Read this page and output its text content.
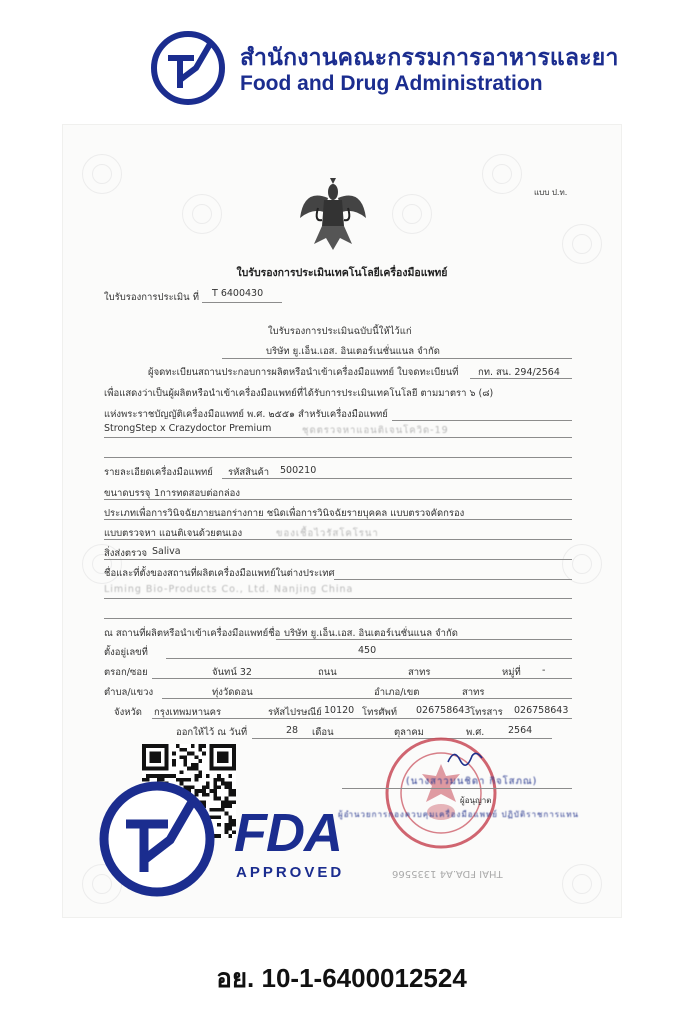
สำนักงานคณะกรรมการอาหารและยา
Food and Drug Administration
แบบ ป.ท.
ใบรับรองการประเมินเทคโนโลยีเครื่องมือแพทย์
ใบรับรองการประเมิน ที่ T 6400430
ใบรับรองการประเมินฉบับนี้ให้ไว้แก่
บริษัท ยู.เอ็น.เอส. อินเตอร์เนชั่นแนล จำกัด
ผู้จดทะเบียนสถานประกอบการผลิตหรือนำเข้าเครื่องมือแพทย์ ใบจดทะเบียนที่ กท. สน. 294/2564
เพื่อแสดงว่าเป็นผู้ผลิตหรือนำเข้าเครื่องมือแพทย์ที่ได้รับการประเมินเทคโนโลยี ตามมาตรา ๖ (๘)
แห่งพระราชบัญญัติเครื่องมือแพทย์ พ.ศ. ๒๕๕๑ สำหรับเครื่องมือแพทย์
StrongStep x Crazydoctor Premium	ชุดตรวจหาแอนติเจนโควิด-19
รายละเอียดเครื่องมือแพทย์ รหัสสินค้า 500210
ขนาดบรรจุ 1การทดสอบต่อกล่อง
ประเภทเพื่อการวินิจฉัยภายนอกร่างกาย ชนิดเพื่อการวินิจฉัยรายบุคคล แบบตรวจคัดกรอง
แบบตรวจหา แอนติเจนด้วยตนเอง	ของเชื้อไวรัสโคโรนา
สิ่งส่งตรวจ Saliva
ชื่อและที่ตั้งของสถานที่ผลิตเครื่องมือแพทย์ในต่างประเทศ
Liming Bio-Products Co., Ltd. Nanjing China
ณ สถานที่ผลิตหรือนำเข้าเครื่องมือแพทย์ชื่อ บริษัท ยู.เอ็น.เอส. อินเตอร์เนชั่นแนล จำกัด
ตั้งอยู่เลขที่	450
ตรอก/ซอย	จันทน์ 32	ถนน	สาทร	หมู่ที่ -
ตำบล/แขวง	ทุ่งวัดดอน	อำเภอ/เขต	สาทร
จังหวัด กรุงเทพมหานคร	รหัสไปรษณีย์ 10120 โทรศัพท์ 026758643 โทรสาร 026758643
ออกให้ไว้ ณ วันที่	28 เดือน	ตุลาคม	พ.ศ. 2564
(นางสาวมนชิดา กิจโสภณ)
ผู้อนุญาต
ผู้อำนวยการกองควบคุมเครื่องมือแพทย์ ปฏิบัติราชการแทน
THAI FDA.A4 1335566
FDA
APPROVED
อย. 10-1-6400012524
